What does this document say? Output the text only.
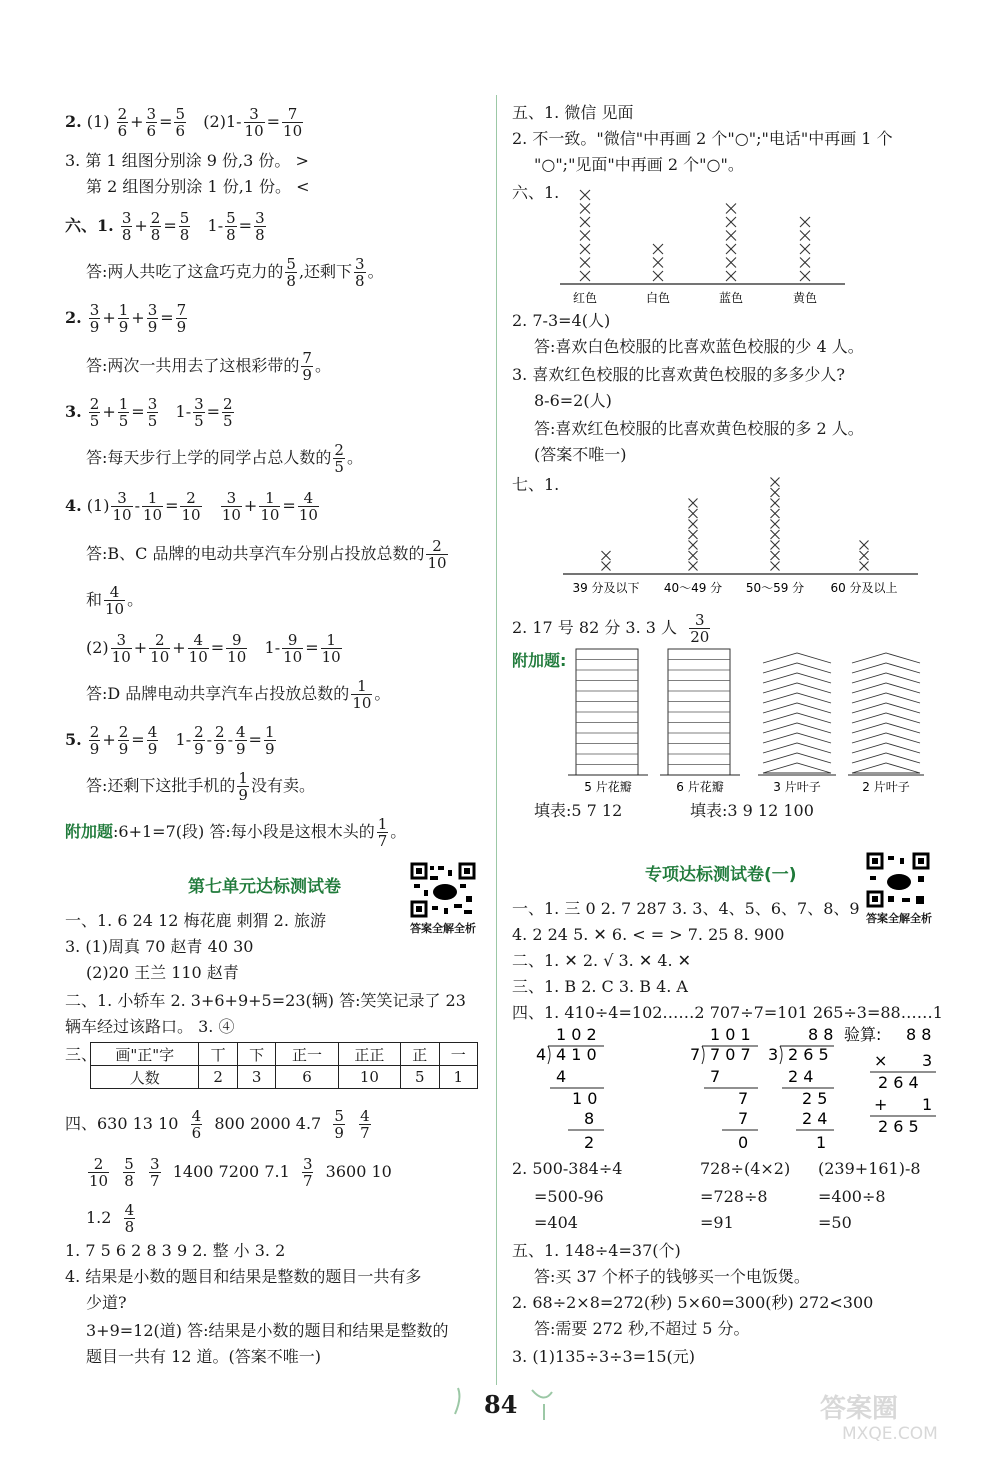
2. $(1) \frac{2}{6} + \frac{3}{6} = \frac{5}{6} (2)1- \frac{3}{10} = \frac{7}{10}$
3. 第 1 组图分别涂 9 份,3 份。 >
第 2 组图分别涂 1 份,1 份。 <
六、1. $\frac{3}{8} + \frac{2}{8} = \frac{5}{8} 1- \frac{5}{8} = \frac{3}{8}$
答:两人共吃了这盒巧克力的 $\frac{5}{8}$ ,还剩下 $\frac{3}{8}$ 。
2. $\frac{3}{9} + \frac{1}{9} + \frac{3}{9} = \frac{7}{9}$
答:两次一共用去了这根彩带的 $\frac{7}{9}$ 。
3. $\frac{2}{5} + \frac{1}{5} = \frac{3}{5} 1- \frac{3}{5} = \frac{2}{5}$
答:每天步行上学的同学占总人数的 $\frac{2}{5}$ 。
4. $(1) \frac{3}{10} - \frac{1}{10} = \frac{2}{10}$
$\frac{3}{10} + \frac{1}{10} = \frac{4}{10}$
答:B、C 品牌的电动共享汽车分别占投放总数的 $\frac{2}{10}$
和 $\frac{4}{10}$ 。
$(2) \frac{3}{10} + \frac{2}{10} + \frac{4}{10} = \frac{9}{10} 1- \frac{9}{10} = \frac{1}{10}$
答:D 品牌电动共享汽车占投放总数的 $\frac{1}{10}$ 。
5. $\frac{2}{9} + \frac{2}{9} = \frac{4}{9} 1- \frac{2}{9} - \frac{2}{9} - \frac{4}{9} = \frac{1}{9}$
答:还剩下这批手机的 $\frac{1}{9}$ 没有卖。
附加题:6+1=7(段) 答:每小段是这根木头的 $\frac{1}{7}$ 。
第七单元达标测试卷
答案全解全析
一、1. 6 24 12 梅花鹿 刺猬 2. 旅游
3. (1)周真 70 赵青 40 30
(2)20 王兰 110 赵青
二、1. 小轿车 2. 3+6+9+5=23(辆) 答:笑笑记录了 23
辆车经过该路口。 3. ④
三、 画"正"字	丅	下	正一	正正	正	一
人数	2	3	6	10	5	1
四、630 13 $10 \frac{4}{6} 800$ 2000 $4.7 \frac{5}{9}$
$\frac{4}{7}$
$\frac{2}{10}$
$\frac{5}{8}$
$\frac{3}{7} 1400$ 7200 $7.1 \frac{3}{7} 3600$ 10
$1.2 \frac{4}{8}$
1. 7 5 6 2 8 3 9 2. 整 小 3. 2
4. 结果是小数的题目和结果是整数的题目一共有多
少道?
3+9=12(道) 答:结果是小数的题目和结果是整数的
题目一共有 12 道。(答案不唯一)
五、1. 微信 见面
2. 不一致。"微信"中再画 2 个"○";"电话"中再画 1 个
"○";"见面"中再画 2 个"○"。
六、1.
红色	白色	蓝色	黄色
2. 7-3=4(人)
答:喜欢白色校服的比喜欢蓝色校服的少 4 人。
3. 喜欢红色校服的比喜欢黄色校服的多多少人?
8-6=2(人)
答:喜欢红色校服的比喜欢黄色校服的多 2 人。
(答案不唯一)
七、1.
39 分及以下 40～49 分 50～59 分 60 分及以上
2. 17 号 82 分 3. 3 人 $\frac{3}{20}$
附加题:
5 片花瓣	6 片花瓣	3 片叶子	2 片叶子
填表:5 7 12	填表:3 9 12 100
专项达标测试卷(一)
答案全解全析
一、1. 三 0 2. 7 287 3. 3、4、5、6、7、8、9
4. 2 24 5. ✕ 6. < = > 7. 25 8. 900
二、1. ✕ 2. √ 3. ✕ 4. ✕
三、1. B 2. C 3. B 4. A
四、1. 410÷4=102……2 707÷7=101 265÷3=88……1
1 0 2
4 4 1 0
4
1 0
8
2
1 0 1
7 7 0 7
7
7
7
0
8 8
3 2 6 5
2 4
2 5
2 4
1
验算: 8 8
× 3
2 6 4
+ 1
2 6 5
2. 500-384÷4	728÷(4×2) (239+161)-8
=500-96	=728÷8	=400÷8
=404	=91	=50
五、1. 148÷4=37(个)
答:买 37 个杯子的钱够买一个电饭煲。
2. 68÷2×8=272(秒) 5×60=300(秒) 272<300
答:需要 272 秒,不超过 5 分。
3. (1)135÷3÷3=15(元)
84	答案圈
MXQE.COM
